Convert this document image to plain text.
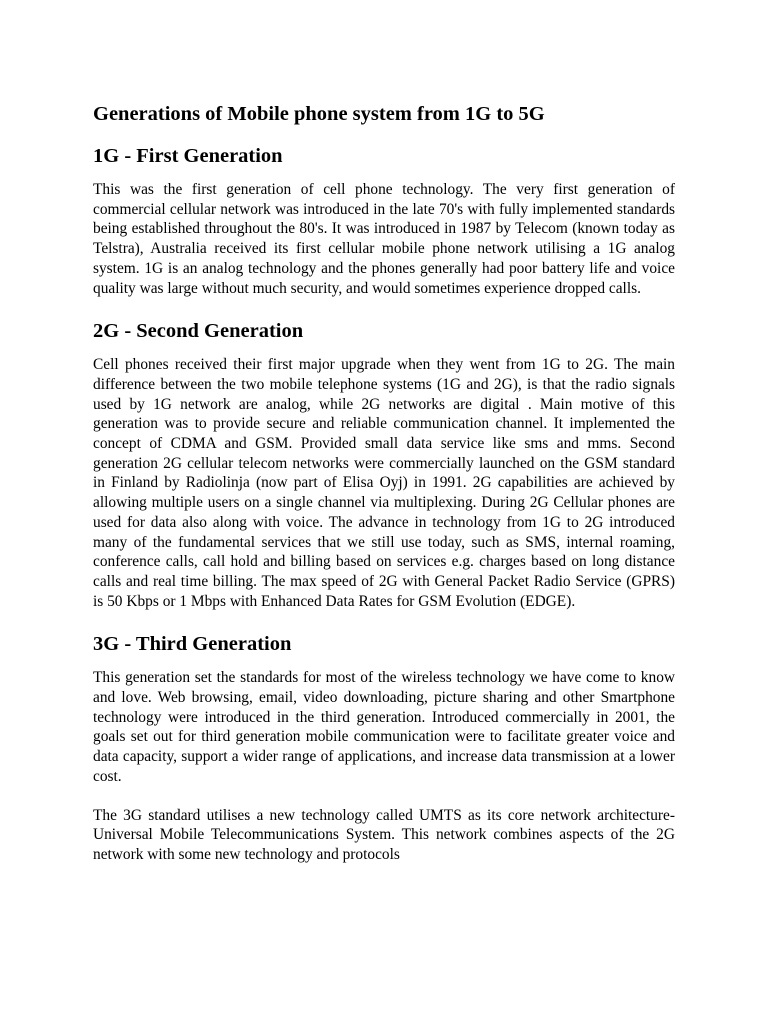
Generations of Mobile phone system from 1G to 5G
1G - First Generation

This was the first generation of cell phone technology. The very first generation of commercial cellular network was introduced in the late 70's with fully implemented standards being established throughout the 80's. It was introduced in 1987 by Telecom (known today as Telstra), Australia received its first cellular mobile phone network utilising a 1G analog system. 1G is an analog technology and the phones generally had poor battery life and voice quality was large without much security, and would sometimes experience dropped calls.

2G - Second Generation

Cell phones received their first major upgrade when they went from 1G to 2G. The main difference between the two mobile telephone systems (1G and 2G), is that the radio signals used by 1G network are analog, while 2G networks are digital . Main motive of this generation was to provide secure and reliable communication channel. It implemented the concept of CDMA and GSM. Provided small data service like sms and mms. Second generation 2G cellular telecom networks were commercially launched on the GSM standard in Finland by Radiolinja (now part of Elisa Oyj) in 1991. 2G capabilities are achieved by allowing multiple users on a single channel via multiplexing. During 2G Cellular phones are used for data also along with voice. The advance in technology from 1G to 2G introduced many of the fundamental services that we still use today, such as SMS, internal roaming, conference calls, call hold and billing based on services e.g. charges based on long distance calls and real time billing. The max speed of 2G with General Packet Radio Service (GPRS) is 50 Kbps or 1 Mbps with Enhanced Data Rates for GSM Evolution (EDGE).

3G - Third Generation

This generation set the standards for most of the wireless technology we have come to know and love. Web browsing, email, video downloading, picture sharing and other Smartphone technology were introduced in the third generation. Introduced commercially in 2001, the goals set out for third generation mobile communication were to facilitate greater voice and data capacity, support a wider range of applications, and increase data transmission at a lower cost.

The 3G standard utilises a new technology called UMTS as its core network architecture-Universal Mobile Telecommunications System. This network combines aspects of the 2G network with some new technology and protocols
